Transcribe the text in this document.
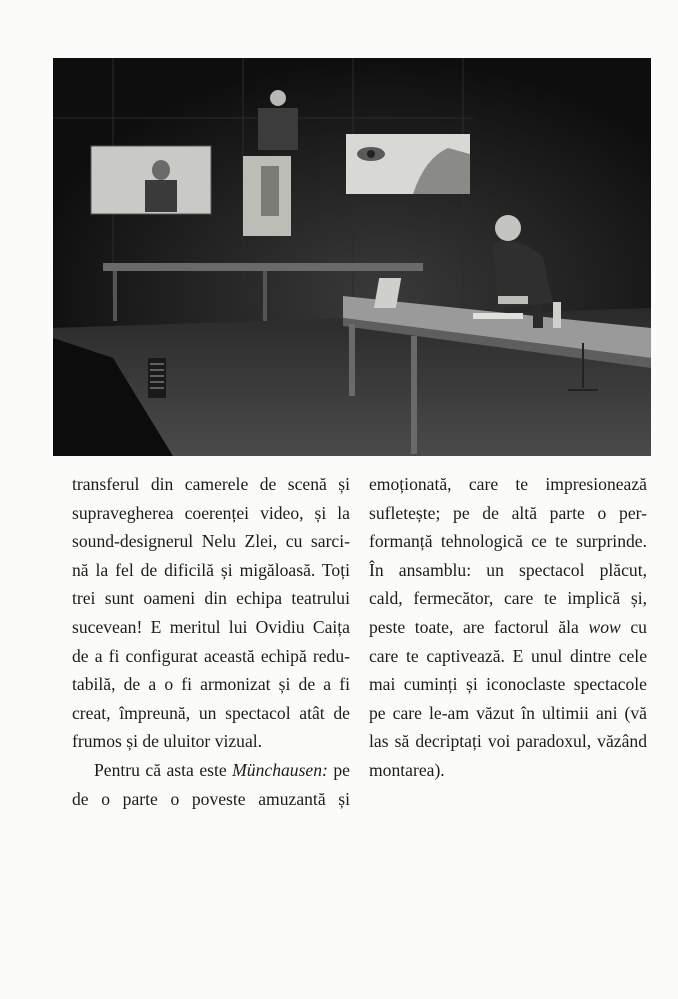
transferul din camerele de scenă și
supravegherea coerenței video, și la
sound-designerul Nelu Zlei, cu sarci-
nă la fel de dificilă și migăloasă. Toți
trei sunt oameni din echipa teatrului
sucevean! E meritul lui Ovidiu Caița
de a fi configurat această echipă redu-
tabilă, de a o fi armonizat și de a fi
creat, împreună, un spectacol atât de
frumos și de uluitor vizual.

Pentru că asta este Münchausen: pe
de o parte o poveste amuzantă și

emoționată, care te impresionează
sufletește; pe de altă parte o per-
formanță tehnologică ce te surprinde.
În ansamblu: un spectacol plăcut,
cald, fermecător, care te implică și,
peste toate, are factorul ăla wow cu
care te captivează. E unul dintre cele
mai cuminți și iconoclaste spectacole
pe care le-am văzut în ultimii ani (vă
las să decriptați voi paradoxul, văzând
montarea).
